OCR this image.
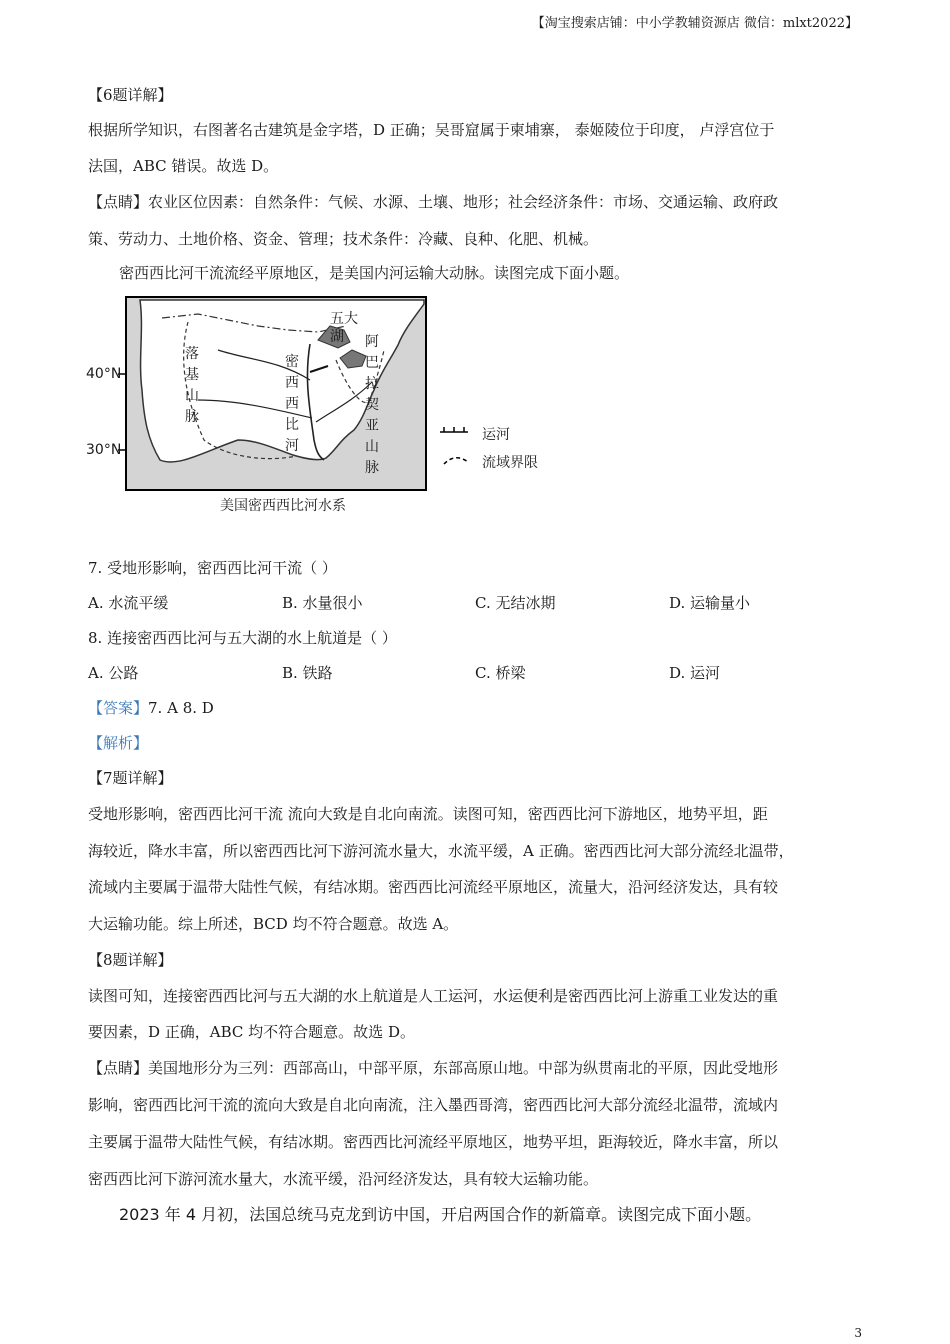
【淘宝搜索店铺：中小学教辅资源店 微信：mlxt2022】
【6题详解】
根据所学知识，右图著名古建筑是金字塔，D 正确；吴哥窟属于柬埔寨， 泰姬陵位于印度， 卢浮宫位于
法国，ABC 错误。故选 D。
【点睛】农业区位因素：自然条件：气候、水源、土壤、地形；社会经济条件：市场、交通运输、政府政
策、劳动力、土地价格、资金、管理；技术条件：冷藏、良种、化肥、机械。
密西西比河干流流经平原地区，是美国内河运输大动脉。读图完成下面小题。
40°N
30°N
五大湖
落基山脉
密西西比河
阿巴拉契亚山脉
运河
流域界限
美国密西西比河水系
7. 受地形影响，密西西比河干流（ ）
A. 水流平缓	B. 水量很小	C. 无结冰期	D. 运输量小
8. 连接密西西比河与五大湖的水上航道是（ ）
A. 公路	B. 铁路	C. 桥梁	D. 运河
【答案】7. A 8. D
【解析】
【7题详解】
受地形影响，密西西比河干流 流向大致是自北向南流。读图可知，密西西比河下游地区，地势平坦，距
海较近，降水丰富，所以密西西比河下游河流水量大，水流平缓，A 正确。密西西比河大部分流经北温带，
流域内主要属于温带大陆性气候，有结冰期。密西西比河流经平原地区，流量大，沿河经济发达，具有较
大运输功能。综上所述，BCD 均不符合题意。故选 A。
【8题详解】
读图可知，连接密西西比河与五大湖的水上航道是人工运河，水运便利是密西西比河上游重工业发达的重
要因素，D 正确，ABC 均不符合题意。故选 D。
【点睛】美国地形分为三列：西部高山，中部平原，东部高原山地。中部为纵贯南北的平原，因此受地形
影响，密西西比河干流的流向大致是自北向南流，注入墨西哥湾，密西西比河大部分流经北温带，流域内
主要属于温带大陆性气候，有结冰期。密西西比河流经平原地区，地势平坦，距海较近，降水丰富，所以
密西西比河下游河流水量大，水流平缓，沿河经济发达，具有较大运输功能。
2023 年 4 月初，法国总统马克龙到访中国，开启两国合作的新篇章。读图完成下面小题。
3
